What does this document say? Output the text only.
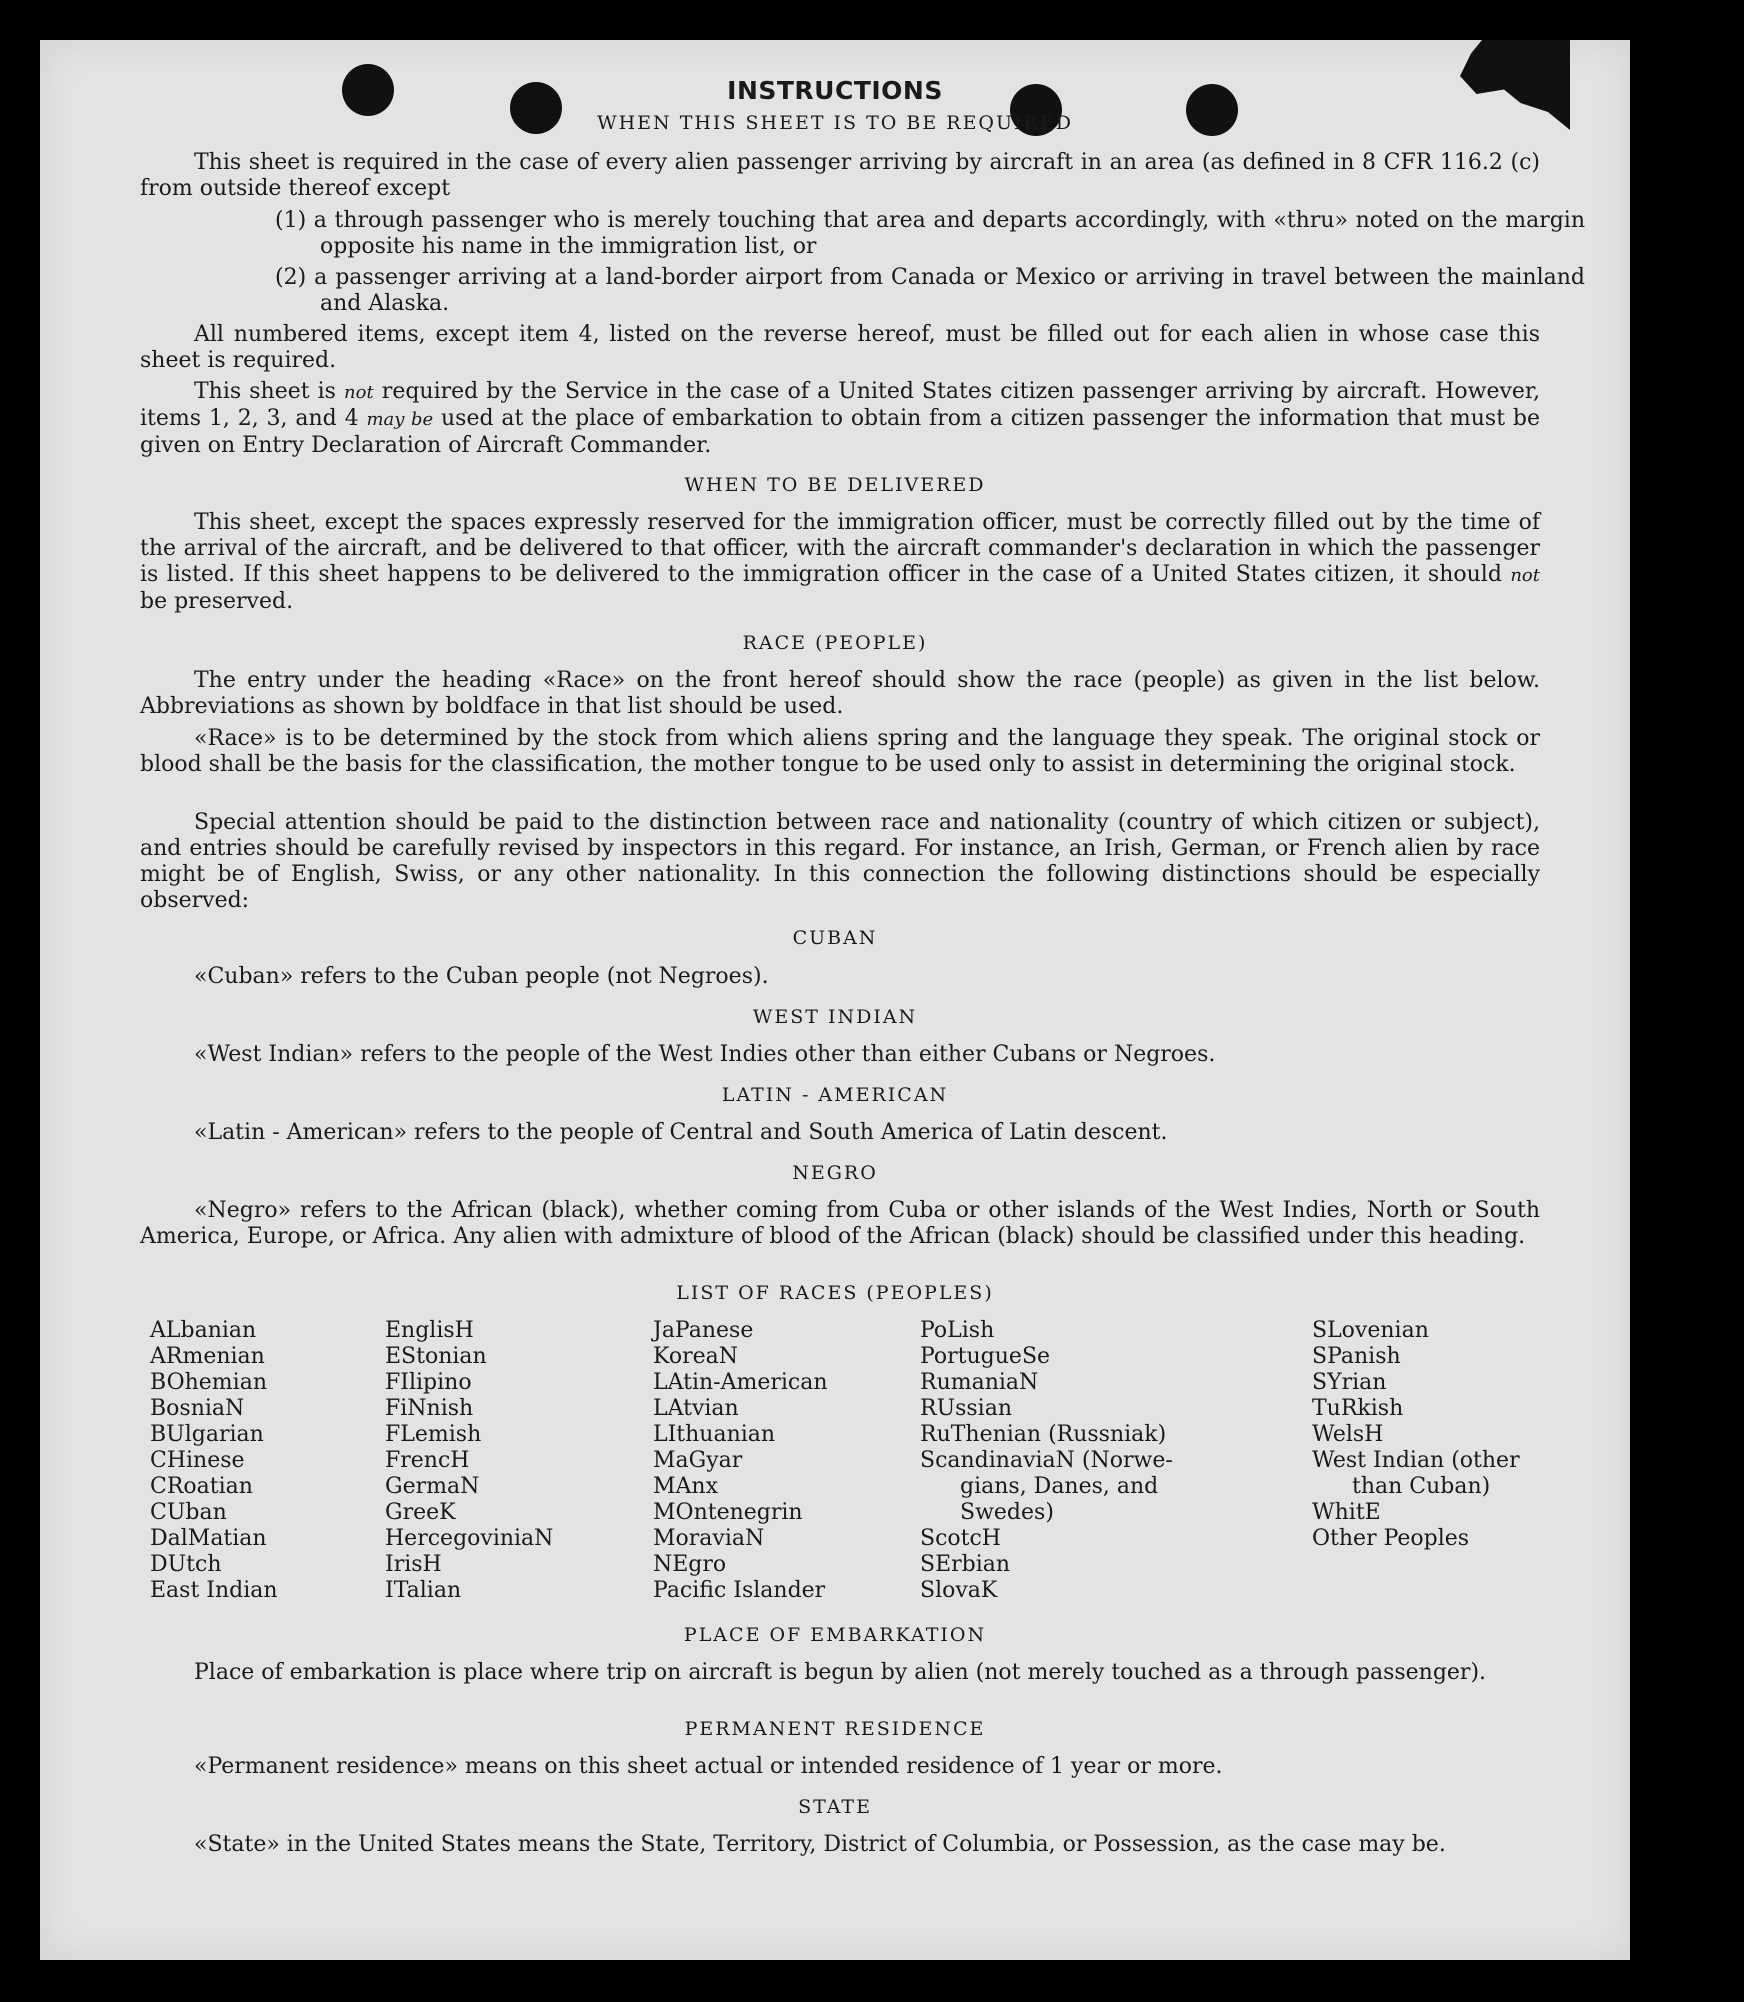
INSTRUCTIONS
WHEN THIS SHEET IS TO BE REQUIRED
This sheet is required in the case of every alien passenger arriving by aircraft in an area (as defined in 8 CFR 116.2 (c) from outside thereof except
(1) a through passenger who is merely touching that area and departs accordingly, with «thru» noted on the margin opposite his name in the immigration list, or
(2) a passenger arriving at a land-border airport from Canada or Mexico or arriving in travel between the mainland and Alaska.
All numbered items, except item 4, listed on the reverse hereof, must be filled out for each alien in whose case this sheet is required.
This sheet is not required by the Service in the case of a United States citizen passenger arriving by aircraft. However, items 1, 2, 3, and 4 may be used at the place of embarkation to obtain from a citizen passenger the information that must be given on Entry Declaration of Aircraft Commander.
WHEN TO BE DELIVERED
This sheet, except the spaces expressly reserved for the immigration officer, must be correctly filled out by the time of the arrival of the aircraft, and be delivered to that officer, with the aircraft commander's declaration in which the passenger is listed. If this sheet happens to be delivered to the immigration officer in the case of a United States citizen, it should not be preserved.
RACE (PEOPLE)
The entry under the heading «Race» on the front hereof should show the race (people) as given in the list below. Abbreviations as shown by boldface in that list should be used.
«Race» is to be determined by the stock from which aliens spring and the language they speak. The original stock or blood shall be the basis for the classification, the mother tongue to be used only to assist in determining the original stock.
Special attention should be paid to the distinction between race and nationality (country of which citizen or subject), and entries should be carefully revised by inspectors in this regard. For instance, an Irish, German, or French alien by race might be of English, Swiss, or any other nationality. In this connection the following distinctions should be especially observed:
CUBAN
«Cuban» refers to the Cuban people (not Negroes).
WEST INDIAN
«West Indian» refers to the people of the West Indies other than either Cubans or Negroes.
LATIN - AMERICAN
«Latin - American» refers to the people of Central and South America of Latin descent.
NEGRO
«Negro» refers to the African (black), whether coming from Cuba or other islands of the West Indies, North or South America, Europe, or Africa. Any alien with admixture of blood of the African (black) should be classified under this heading.
LIST OF RACES (PEOPLES)
ALbanian
ARmenian
BOhemian
BosniaN
BUlgarian
CHinese
CRoatian
CUban
DalMatian
DUtch
East Indian
EnglisH
EStonian
FIlipino
FiNnish
FLemish
FrencH
GermaN
GreeK
HercegoviniaN
IrisH
ITalian
JaPanese
KoreaN
LAtin-American
LAtvian
LIthuanian
MaGyar
MAnx
MOntenegrin
MoraviaN
NEgro
Pacific Islander
PoLish
PortugueSe
RumaniaN
RUssian
RuThenian (Russniak)
ScandinaviaN (Norwe-
gians, Danes, and
Swedes)
ScotcH
SErbian
SlovaK
SLovenian
SPanish
SYrian
TuRkish
WelsH
West Indian (other
than Cuban)
WhitE
Other Peoples
PLACE OF EMBARKATION
Place of embarkation is place where trip on aircraft is begun by alien (not merely touched as a through passenger).
PERMANENT RESIDENCE
«Permanent residence» means on this sheet actual or intended residence of 1 year or more.
STATE
«State» in the United States means the State, Territory, District of Columbia, or Possession, as the case may be.
